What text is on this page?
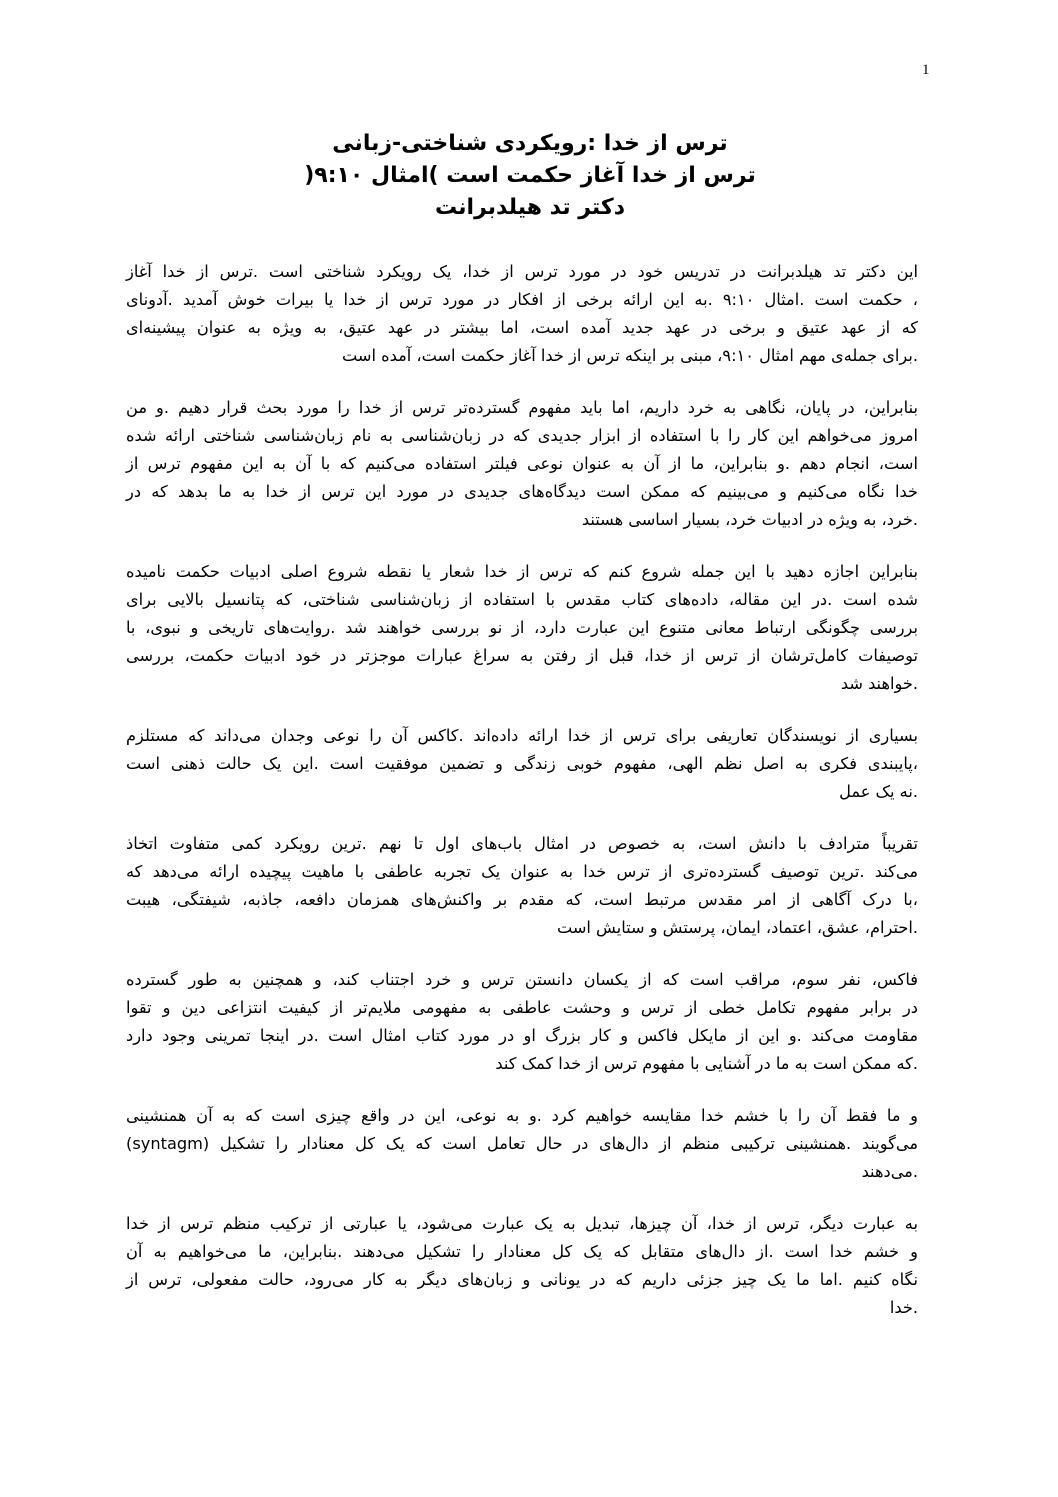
1
ترس از خدا :رویکردی شناختی-زبانی
ترس از خدا آغاز حکمت است )امثال ۹:۱۰(
دکتر تد هیلدبرانت

این دکتر تد هیلدبرانت در تدریس خود در مورد ترس از خدا، یک رویکرد شناختی است .ترس از خدا آغاز
، حکمت است .امثال ۹:۱۰ .به این ارائه برخی از افکار در مورد ترس از خدا یا بیرات خوش آمدید .آدونای
که از عهد عتیق و برخی در عهد جدید آمده است، اما بیشتر در عهد عتیق، به ویژه به عنوان پیشینه‌ای
.برای جمله‌ی مهم امثال ۹:۱۰، مبنی بر اینکه ترس از خدا آغاز حکمت است، آمده است

بنابراین، در پایان، نگاهی به خرد داریم، اما باید مفهوم گسترده‌تر ترس از خدا را مورد بحث قرار دهیم .و من
امروز می‌خواهم این کار را با استفاده از ابزار جدیدی که در زبان‌شناسی به نام زبان‌شناسی شناختی ارائه شده
است، انجام دهم .و بنابراین، ما از آن به عنوان نوعی فیلتر استفاده می‌کنیم که با آن به این مفهوم ترس از
خدا نگاه می‌کنیم و می‌بینیم که ممکن است دیدگاه‌های جدیدی در مورد این ترس از خدا به ما بدهد که در
.خرد، به ویژه در ادبیات خرد، بسیار اساسی هستند

بنابراین اجازه دهید با این جمله شروع کنم که ترس از خدا شعار یا نقطه شروع اصلی ادبیات حکمت نامیده
شده است .در این مقاله، داده‌های کتاب مقدس با استفاده از زبان‌شناسی شناختی، که پتانسیل بالایی برای
بررسی چگونگی ارتباط معانی متنوع این عبارت دارد، از نو بررسی خواهند شد .روایت‌های تاریخی و نبوی، با
توصیفات کامل‌ترشان از ترس از خدا، قبل از رفتن به سراغ عبارات موجزتر در خود ادبیات حکمت، بررسی
.خواهند شد

بسیاری از نویسندگان تعاریفی برای ترس از خدا ارائه داده‌اند .کاکس آن را نوعی وجدان می‌داند که مستلزم
،پایبندی فکری به اصل نظم الهی، مفهوم خوبی زندگی و تضمین موفقیت است .این یک حالت ذهنی است
.نه یک عمل

تقریباً مترادف با دانش است، به خصوص در امثال باب‌های اول تا نهم .ترین رویکرد کمی متفاوت اتخاذ
می‌کند .ترین توصیف گسترده‌تری از ترس خدا به عنوان یک تجربه عاطفی با ماهیت پیچیده ارائه می‌دهد که
،با درک آگاهی از امر مقدس مرتبط است، که مقدم بر واکنش‌های همزمان دافعه، جاذبه، شیفتگی، هیبت
.احترام، عشق، اعتماد، ایمان، پرستش و ستایش است

فاکس، نفر سوم، مراقب است که از یکسان دانستن ترس و خرد اجتناب کند، و همچنین به طور گسترده
در برابر مفهوم تکامل خطی از ترس و وحشت عاطفی به مفهومی ملایم‌تر از کیفیت انتزاعی دین و تقوا
مقاومت می‌کند .و این از مایکل فاکس و کار بزرگ او در مورد کتاب امثال است .در اینجا تمرینی وجود دارد
.که ممکن است به ما در آشنایی با مفهوم ترس از خدا کمک کند

و ما فقط آن را با خشم خدا مقایسه خواهیم کرد .و به نوعی، این در واقع چیزی است که به آن همنشینی
می‌گویند .همنشینی ترکیبی منظم از دال‌های در حال تعامل است که یک کل معنادار را تشکیل (syntagm)
.می‌دهند

به عبارت دیگر، ترس از خدا، آن چیزها، تبدیل به یک عبارت می‌شود، یا عبارتی از ترکیب منظم ترس از خدا
و خشم خدا است .از دال‌های متقابل که یک کل معنادار را تشکیل می‌دهند .بنابراین، ما می‌خواهیم به آن
نگاه کنیم .اما ما یک چیز جزئی داریم که در یونانی و زبان‌های دیگر به کار می‌رود، حالت مفعولی، ترس از
.خدا
